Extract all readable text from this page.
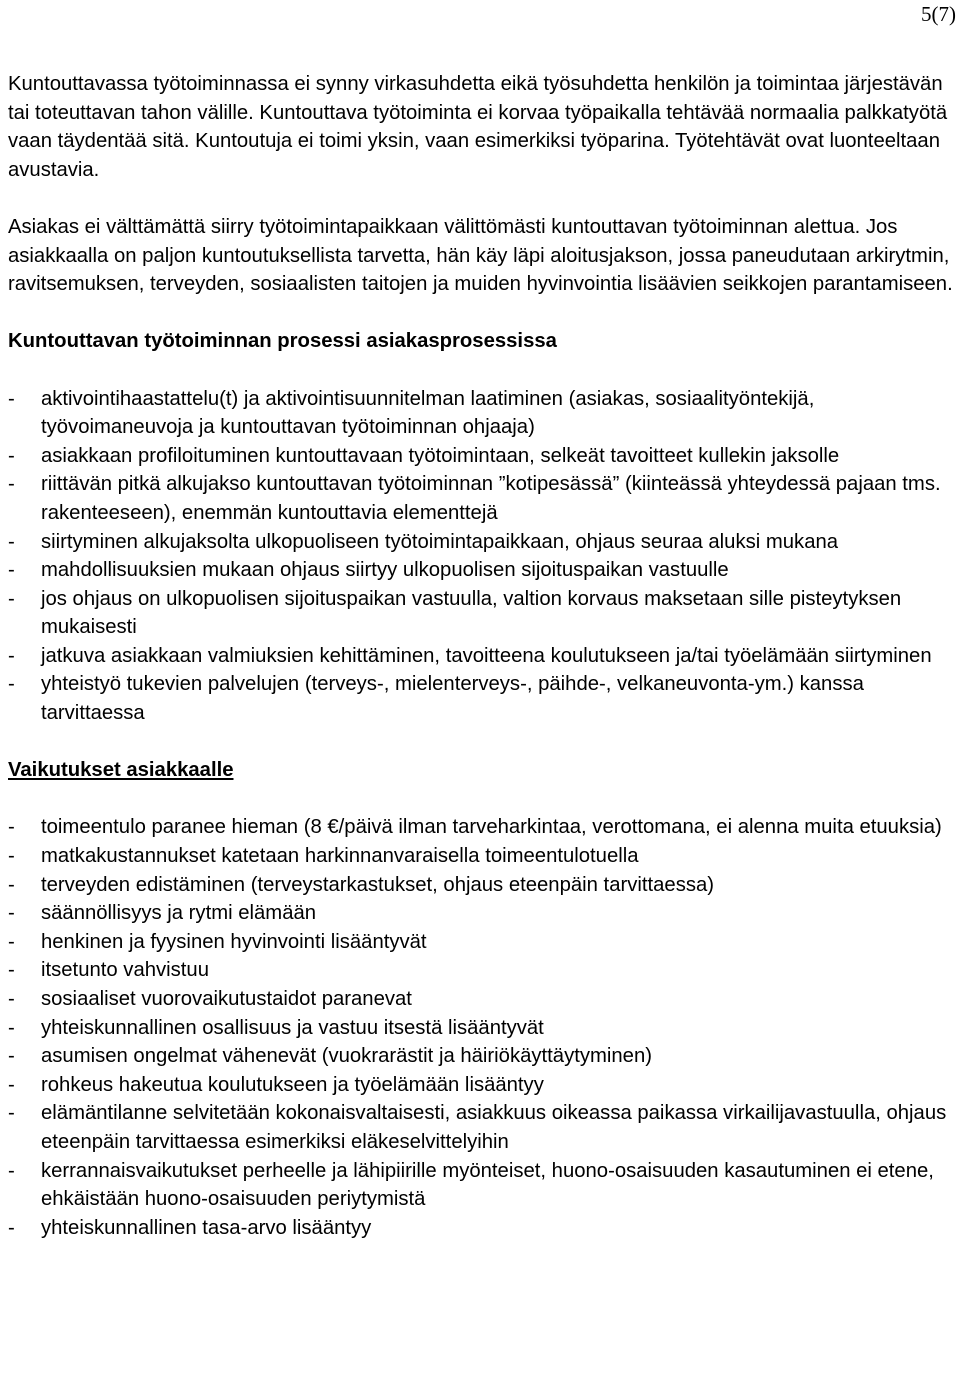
5(7)

Kuntouttavassa työtoiminnassa ei synny virkasuhdetta eikä työsuhdetta henkilön ja toimintaa järjestävän tai toteuttavan tahon välille. Kuntouttava työtoiminta ei korvaa työpaikalla tehtävää normaalia palkkatyötä vaan täydentää sitä. Kuntoutuja ei toimi yksin, vaan esimerkiksi työparina. Työtehtävät ovat luonteeltaan avustavia.

Asiakas ei välttämättä siirry työtoimintapaikkaan välittömästi kuntouttavan työtoiminnan alettua. Jos asiakkaalla on paljon kuntoutuksellista tarvetta, hän käy läpi aloitusjakson, jossa paneudutaan arkirytmin, ravitsemuksen, terveyden, sosiaalisten taitojen ja muiden hyvinvointia lisäävien seikkojen parantamiseen.

Kuntouttavan työtoiminnan prosessi asiakasprosessissa

- aktivointihaastattelu(t) ja aktivointisuunnitelman laatiminen (asiakas, sosiaalityöntekijä, työvoimaneuvoja ja kuntouttavan työtoiminnan ohjaaja)
- asiakkaan profiloituminen kuntouttavaan työtoimintaan, selkeät tavoitteet kullekin jaksolle
- riittävän pitkä alkujakso kuntouttavan työtoiminnan ”kotipesässä” (kiinteässä yhteydessä pajaan tms. rakenteeseen), enemmän kuntouttavia elementtejä
- siirtyminen alkujaksolta ulkopuoliseen työtoimintapaikkaan, ohjaus seuraa aluksi mukana
- mahdollisuuksien mukaan ohjaus siirtyy ulkopuolisen sijoituspaikan vastuulle
- jos ohjaus on ulkopuolisen sijoituspaikan vastuulla, valtion korvaus maksetaan sille pisteytyksen mukaisesti
- jatkuva asiakkaan valmiuksien kehittäminen, tavoitteena koulutukseen ja/tai työelämään siirtyminen
- yhteistyö tukevien palvelujen (terveys-, mielenterveys-, päihde-, velkaneuvonta-ym.) kanssa tarvittaessa

Vaikutukset asiakkaalle

- toimeentulo paranee hieman (8 €/päivä ilman tarveharkintaa, verottomana, ei alenna muita etuuksia)
- matkakustannukset katetaan harkinnanvaraisella toimeentulotuella
- terveyden edistäminen (terveystarkastukset, ohjaus eteenpäin tarvittaessa)
- säännöllisyys ja rytmi elämään
- henkinen ja fyysinen hyvinvointi lisääntyvät
- itsetunto vahvistuu
- sosiaaliset vuorovaikutustaidot paranevat
- yhteiskunnallinen osallisuus ja vastuu itsestä lisääntyvät
- asumisen ongelmat vähenevät (vuokrarästit ja häiriökäyttäytyminen)
- rohkeus hakeutua koulutukseen ja työelämään lisääntyy
- elämäntilanne selvitetään kokonaisvaltaisesti, asiakkuus oikeassa paikassa virkailijavastuulla, ohjaus eteenpäin tarvittaessa esimerkiksi eläkeselvittelyihin
- kerrannaisvaikutukset perheelle ja lähipiirille myönteiset, huono-osaisuuden kasautuminen ei etene, ehkäistään huono-osaisuuden periytymistä
- yhteiskunnallinen tasa-arvo lisääntyy
